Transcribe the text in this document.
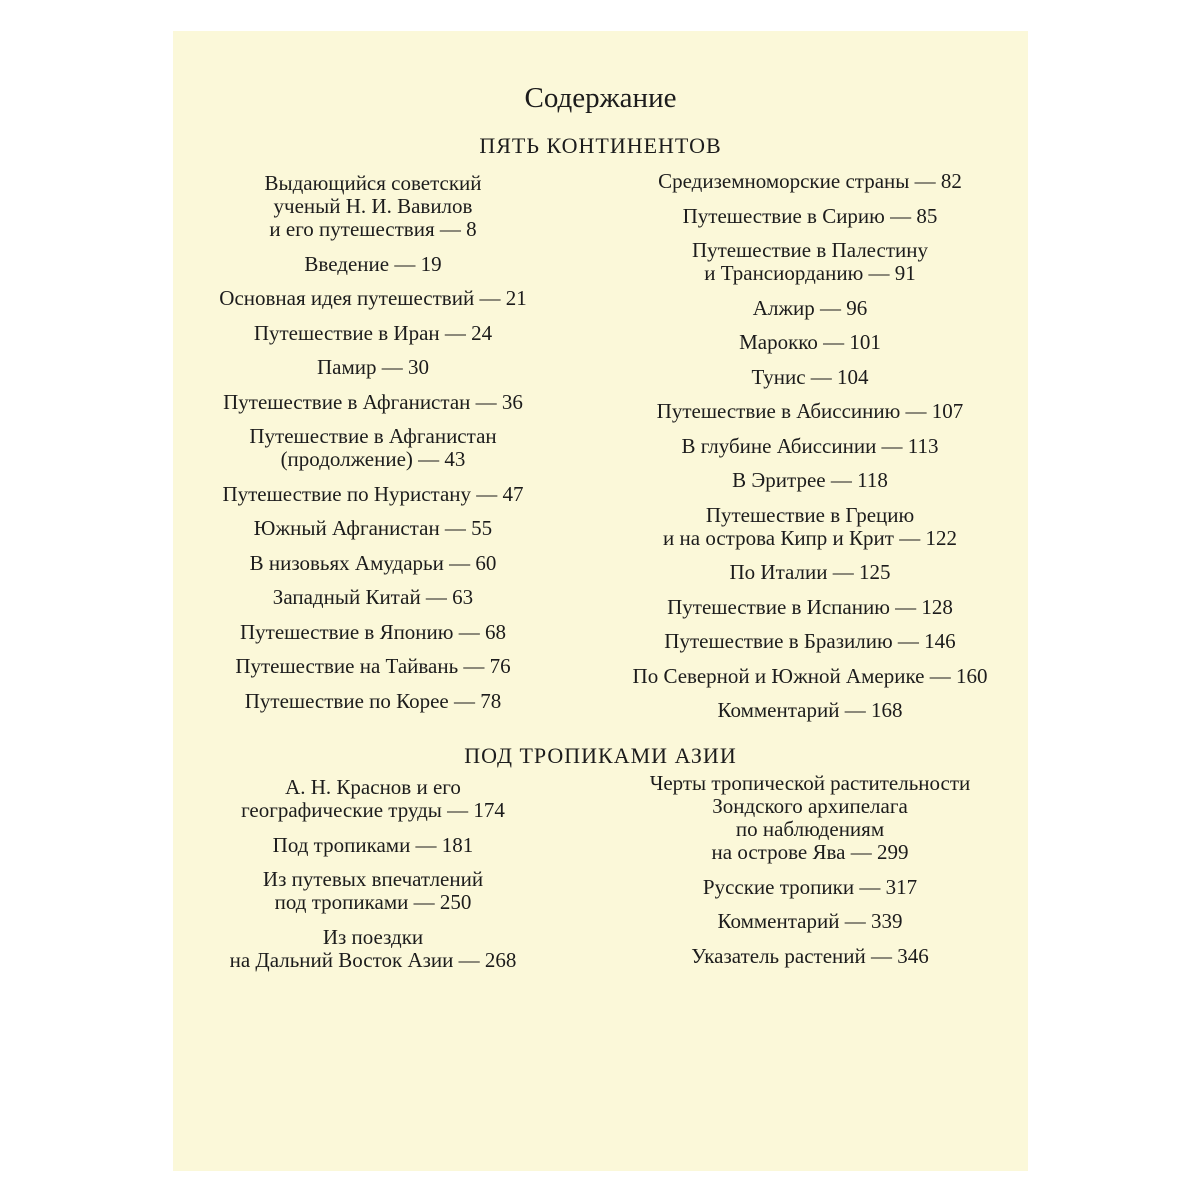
Содержание
ПЯТЬ КОНТИНЕНТОВ
Выдающийся советский
ученый Н. И. Вавилов
и его путешествия — 8
Введение — 19
Основная идея путешествий — 21
Путешествие в Иран — 24
Памир — 30
Путешествие в Афганистан — 36
Путешествие в Афганистан
(продолжение) — 43
Путешествие по Нуристану — 47
Южный Афганистан — 55
В низовьях Амударьи — 60
Западный Китай — 63
Путешествие в Японию — 68
Путешествие на Тайвань — 76
Путешествие по Корее — 78
Средиземноморские страны — 82
Путешествие в Сирию — 85
Путешествие в Палестину
и Трансиорданию — 91
Алжир — 96
Марокко — 101
Тунис — 104
Путешествие в Абиссинию — 107
В глубине Абиссинии — 113
В Эритрее — 118
Путешествие в Грецию
и на острова Кипр и Крит — 122
По Италии — 125
Путешествие в Испанию — 128
Путешествие в Бразилию — 146
По Северной и Южной Америке — 160
Комментарий — 168
ПОД ТРОПИКАМИ АЗИИ
А. Н. Краснов и его
географические труды — 174
Под тропиками — 181
Из путевых впечатлений
под тропиками — 250
Из поездки
на Дальний Восток Азии — 268
Черты тропической растительности
Зондского архипелага
по наблюдениям
на острове Ява — 299
Русские тропики — 317
Комментарий — 339
Указатель растений — 346
